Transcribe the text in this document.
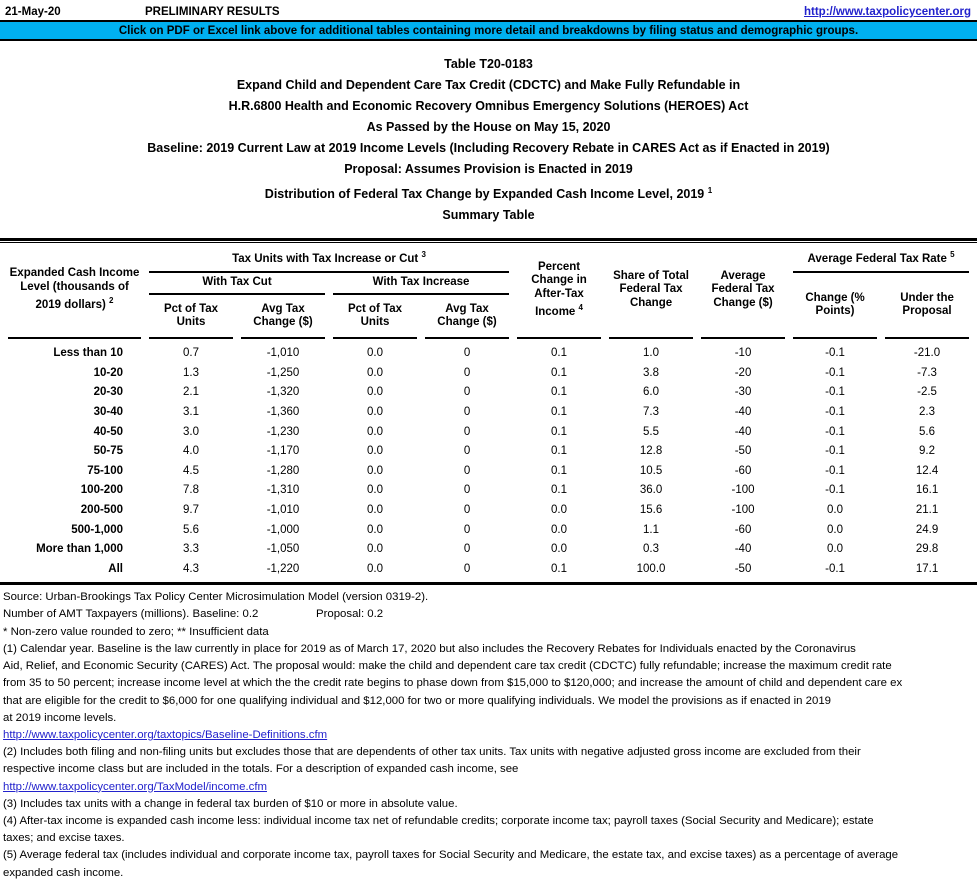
21-May-20	PRELIMINARY RESULTS	http://www.taxpolicycenter.org
Click on PDF or Excel link above for additional tables containing more detail and breakdowns by filing status and demographic groups.
Table T20-0183
Expand Child and Dependent Care Tax Credit (CDCTC) and Make Fully Refundable in
H.R.6800 Health and Economic Recovery Omnibus Emergency Solutions (HEROES) Act
As Passed by the House on May 15, 2020
Baseline: 2019 Current Law at 2019 Income Levels (Including Recovery Rebate in CARES Act as if Enacted in 2019)
Proposal: Assumes Provision is Enacted in 2019
Distribution of Federal Tax Change by Expanded Cash Income Level, 2019 $^1$
Summary Table
Expanded Cash Income Level (thousands of 2019 dollars) $^2$	Tax Units with Tax Increase or Cut $^3$				Percent Change in After-Tax Income $^4$	Share of Total Federal Tax Change	Average Federal Tax Change ($)	Average Federal Tax Rate $^5$
	With Tax Cut		With Tax Increase					Change (% Points)	Under the Proposal
	Pct of Tax Units	Avg Tax Change ($)	Pct of Tax Units	Avg Tax Change ($)					
Less than 10	0.7	-1,010	0.0	0	0.1	1.0	-10	-0.1	-21.0
10-20	1.3	-1,250	0.0	0	0.1	3.8	-20	-0.1	-7.3
20-30	2.1	-1,320	0.0	0	0.1	6.0	-30	-0.1	-2.5
30-40	3.1	-1,360	0.0	0	0.1	7.3	-40	-0.1	2.3
40-50	3.0	-1,230	0.0	0	0.1	5.5	-40	-0.1	5.6
50-75	4.0	-1,170	0.0	0	0.1	12.8	-50	-0.1	9.2
75-100	4.5	-1,280	0.0	0	0.1	10.5	-60	-0.1	12.4
100-200	7.8	-1,310	0.0	0	0.1	36.0	-100	-0.1	16.1
200-500	9.7	-1,010	0.0	0	0.0	15.6	-100	0.0	21.1
500-1,000	5.6	-1,000	0.0	0	0.0	1.1	-60	0.0	24.9
More than 1,000	3.3	-1,050	0.0	0	0.0	0.3	-40	0.0	29.8
All	4.3	-1,220	0.0	0	0.1	100.0	-50	-0.1	17.1
Source: Urban-Brookings Tax Policy Center Microsimulation Model (version 0319-2).
Number of AMT Taxpayers (millions). Baseline: 0.2	Proposal: 0.2
* Non-zero value rounded to zero; ** Insufficient data
(1) Calendar year. Baseline is the law currently in place for 2019 as of March 17, 2020 but also includes the Recovery Rebates for Individuals enacted by the Coronavirus
Aid, Relief, and Economic Security (CARES) Act. The proposal would: make the child and dependent care tax credit (CDCTC) fully refundable; increase the maximum credit rate
from 35 to 50 percent; increase income level at which the the credit rate begins to phase down from $15,000 to $120,000; and increase the amount of child and dependent care ex
that are eligible for the credit to $6,000 for one qualifying individual and $12,000 for two or more qualifying individuals. We model the provisions as if enacted in 2019
at 2019 income levels.
http://www.taxpolicycenter.org/taxtopics/Baseline-Definitions.cfm
(2) Includes both filing and non-filing units but excludes those that are dependents of other tax units. Tax units with negative adjusted gross income are excluded from their
respective income class but are included in the totals. For a description of expanded cash income, see
http://www.taxpolicycenter.org/TaxModel/income.cfm
(3) Includes tax units with a change in federal tax burden of $10 or more in absolute value.
(4) After-tax income is expanded cash income less: individual income tax net of refundable credits; corporate income tax; payroll taxes (Social Security and Medicare); estate
taxes; and excise taxes.
(5) Average federal tax (includes individual and corporate income tax, payroll taxes for Social Security and Medicare, the estate tax, and excise taxes) as a percentage of average
expanded cash income.
